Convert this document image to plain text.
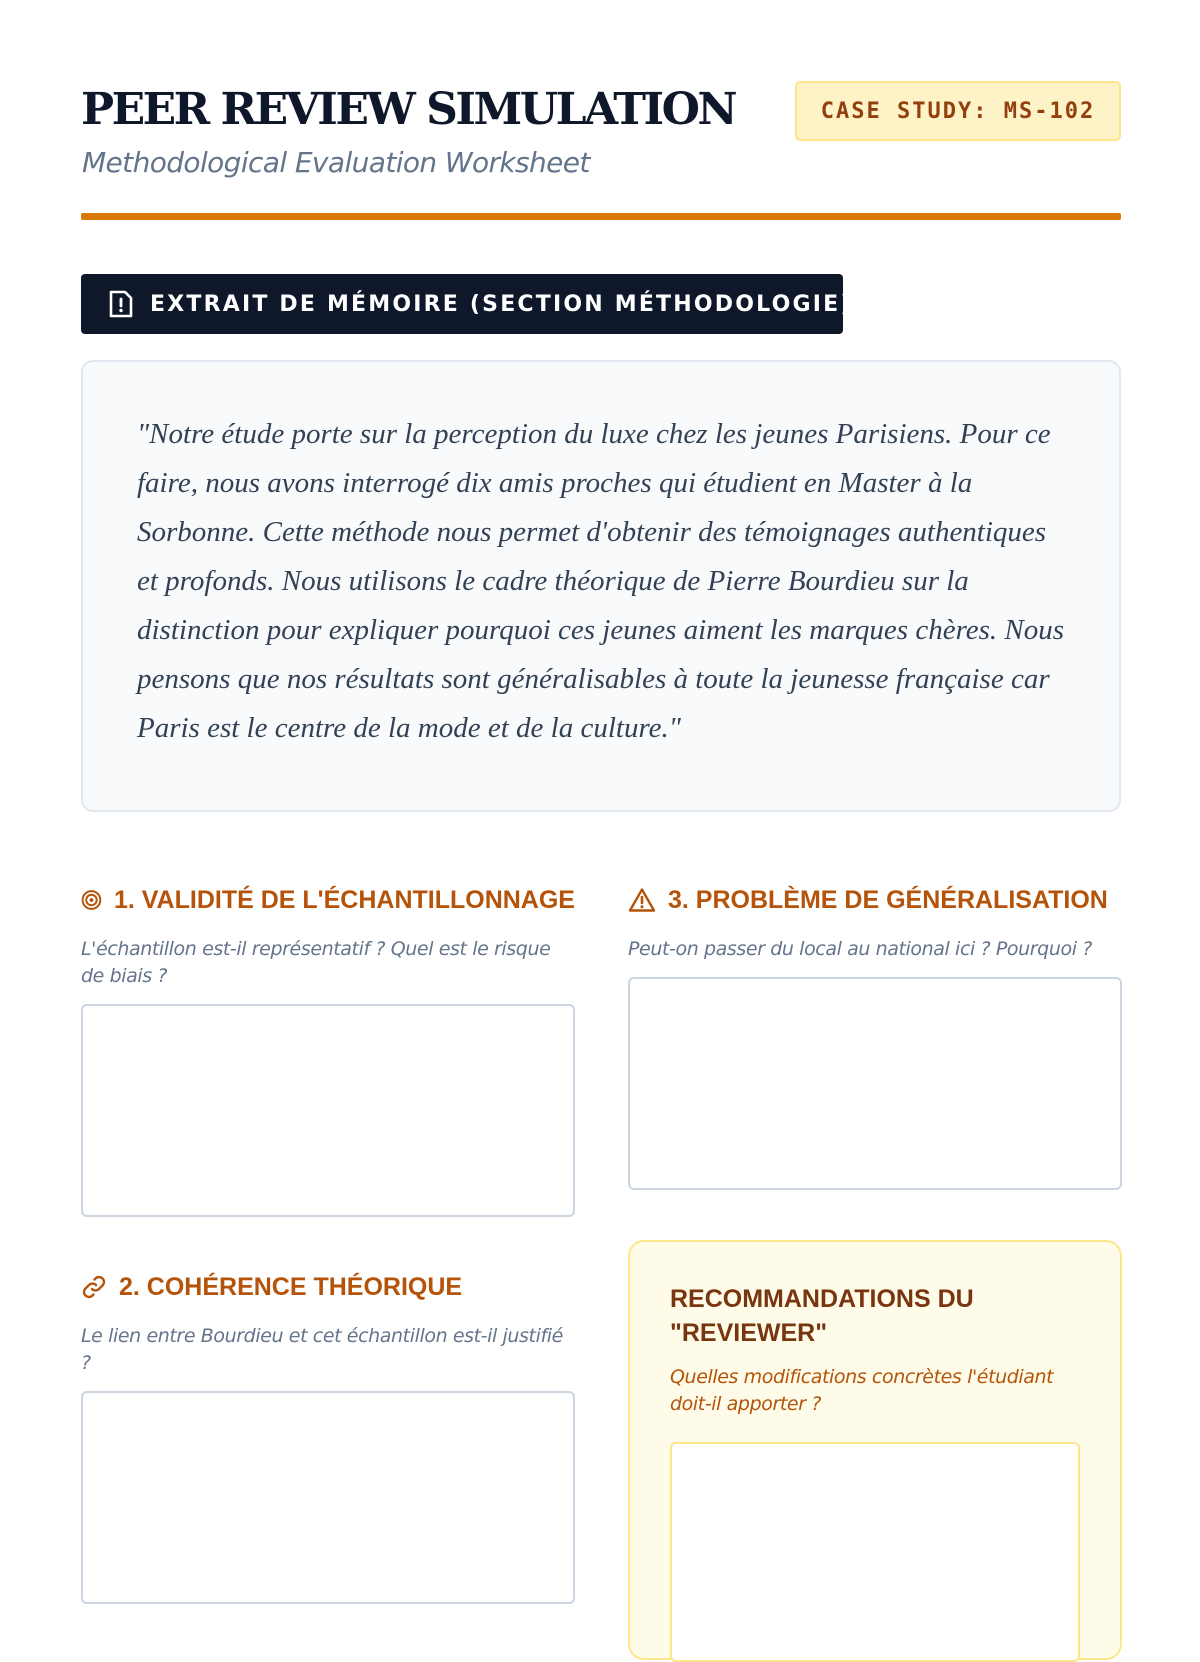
PEER REVIEW SIMULATION

Methodological Evaluation Worksheet

CASE STUDY: MS-102
EXTRAIT DE MÉMOIRE (SECTION MÉTHODOLOGIE)

"Notre étude porte sur la perception du luxe chez les jeunes Parisiens. Pour ce faire, nous avons interrogé dix amis proches qui étudient en Master à la Sorbonne. Cette méthode nous permet d'obtenir des témoignages authentiques et profonds. Nous utilisons le cadre théorique de Pierre Bourdieu sur la distinction pour expliquer pourquoi ces jeunes aiment les marques chères. Nous pensons que nos résultats sont généralisables à toute la jeunesse française car Paris est le centre de la mode et de la culture."

1. VALIDITÉ DE L'ÉCHANTILLONNAGE

L'échantillon est-il représentatif ? Quel est le risque de biais ?

3. PROBLÈME DE GÉNÉRALISATION

Peut-on passer du local au national ici ? Pourquoi ?

2. COHÉRENCE THÉORIQUE

Le lien entre Bourdieu et cet échantillon est-il justifié ?

RECOMMANDATIONS DU "REVIEWER"

Quelles modifications concrètes l'étudiant doit-il apporter ?
